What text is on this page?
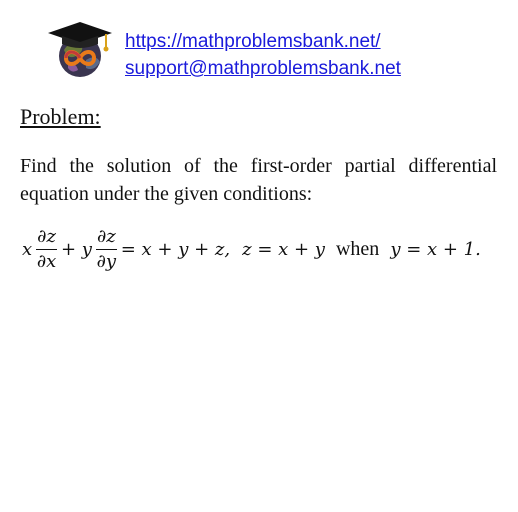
https://mathproblemsbank.net/
support@mathproblemsbank.net
Problem:
Find the solution of the first-order partial differential
equation under the given conditions:
x $\frac{\partial z}{\partial x} + y \frac{\partial z}{\partial y} = x + y + z$, z = x + y when y = x + 1.
